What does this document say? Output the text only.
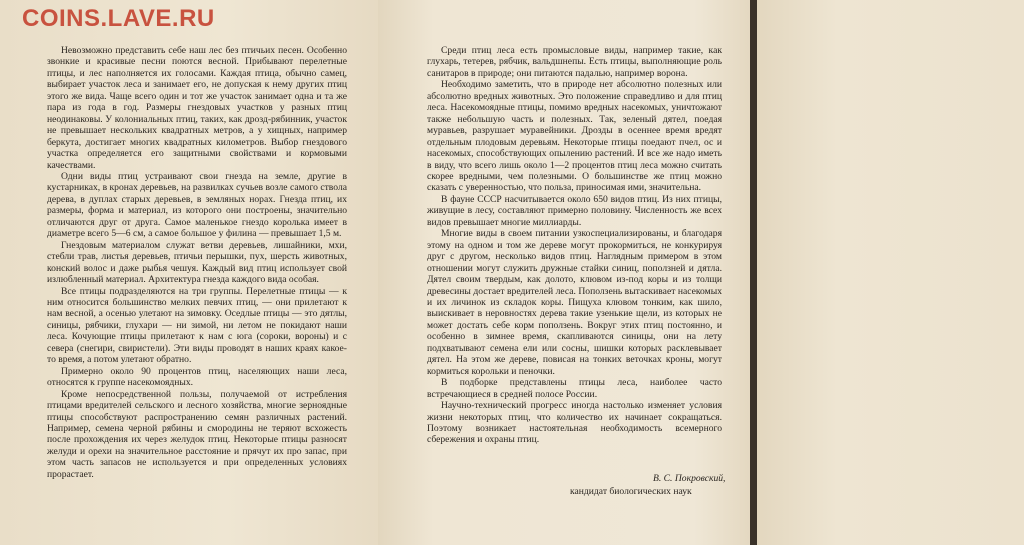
Невозможно представить себе наш лес без птичьих песен. Особенно звонкие и красивые песни поются весной. Прибывают перелетные птицы, и лес наполняется их голосами. Каждая птица, обычно самец, выбирает участок леса и занимает его, не допуская к нему других птиц этого же вида. Чаще всего один и тот же участок занимает одна и та же пара из года в год. Размеры гнездовых участков у разных птиц неодинаковы. У колониальных птиц, таких, как дрозд-рябинник, участок не превышает нескольких квадратных метров, а у хищных, например беркута, достигает многих квадратных километров. Выбор гнездового участка определяется его защитными свойствами и кормовыми качествами.

Одни виды птиц устраивают свои гнезда на земле, другие в кустарниках, в кронах деревьев, на развилках сучьев возле самого ствола дерева, в дуплах старых деревьев, в земляных норах. Гнезда птиц, их размеры, форма и материал, из которого они построены, значительно отличаются друг от друга. Самое маленькое гнездо королька имеет в диаметре всего 5—6 см, а самое большое у филина — превышает 1,5 м.

Гнездовым материалом служат ветви деревьев, лишайники, мхи, стебли трав, листья деревьев, птичьи перышки, пух, шерсть животных, конский волос и даже рыбья чешуя. Каждый вид птиц использует свой излюбленный материал. Архитектура гнезда каждого вида особая.

Все птицы подразделяются на три группы. Перелетные птицы — к ним относится большинство мелких певчих птиц, — они прилетают к нам весной, а осенью улетают на зимовку. Оседлые птицы — это дятлы, синицы, рябчики, глухари — ни зимой, ни летом не покидают наши леса. Кочующие птицы прилетают к нам с юга (сороки, вороны) и с севера (снегири, свиристели). Эти виды проводят в наших краях какое-то время, а потом улетают обратно.

Примерно около 90 процентов птиц, населяющих наши леса, относятся к группе насекомоядных.

Кроме непосредственной пользы, получаемой от истребления птицами вредителей сельского и лесного хозяйства, многие зерноядные птицы способствуют распространению семян различных растений. Например, семена черной рябины и смородины не теряют всхожесть после прохождения их через желудок птиц. Некоторые птицы разносят желуди и орехи на значительное расстояние и прячут их про запас, при этом часть запасов не используется и при определенных условиях прорастает.

Среди птиц леса есть промысловые виды, например такие, как глухарь, тетерев, рябчик, вальдшнепы. Есть птицы, выполняющие роль санитаров в природе; они питаются падалью, например ворона.

Необходимо заметить, что в природе нет абсолютно полезных или абсолютно вредных животных. Это положение справедливо и для птиц леса. Насекомоядные птицы, помимо вредных насекомых, уничтожают также небольшую часть и полезных. Так, зеленый дятел, поедая муравьев, разрушает муравейники. Дрозды в осеннее время вредят отдельным плодовым деревьям. Некоторые птицы поедают пчел, ос и насекомых, способствующих опылению растений. И все же надо иметь в виду, что всего лишь около 1—2 процентов птиц леса можно считать скорее вредными, чем полезными. О большинстве же птиц можно сказать с уверенностью, что польза, приносимая ими, значительна.

В фауне СССР насчитывается около 650 видов птиц. Из них птицы, живущие в лесу, составляют примерно половину. Численность же всех видов превышает многие миллиарды.

Многие виды в своем питании узкоспециализированы, и благодаря этому на одном и том же дереве могут прокормиться, не конкурируя друг с другом, несколько видов птиц. Наглядным примером в этом отношении могут служить дружные стайки синиц, поползней и дятла. Дятел своим твердым, как долото, клювом из-под коры и из толщи древесины достает вредителей леса. Поползень вытаскивает насекомых и их личинок из складок коры. Пищуха клювом тонким, как шило, выискивает в неровностях дерева такие узенькие щели, из которых не может достать себе корм поползень. Вокруг этих птиц постоянно, и особенно в зимнее время, скапливаются синицы, они на лету подхватывают семена ели или сосны, шишки которых расклевывает дятел. На этом же дереве, повисая на тонких веточках кроны, могут кормиться корольки и пеночки.

В подборке представлены птицы леса, наиболее часто встречающиеся в средней полосе России.

Научно-технический прогресс иногда настолько изменяет условия жизни некоторых птиц, что количество их начинает сокращаться. Поэтому возникает настоятельная необходимость всемерного сбережения и охраны птиц.

В. С. Покровский,
кандидат биологических наук
COINS.LAVE.RU
